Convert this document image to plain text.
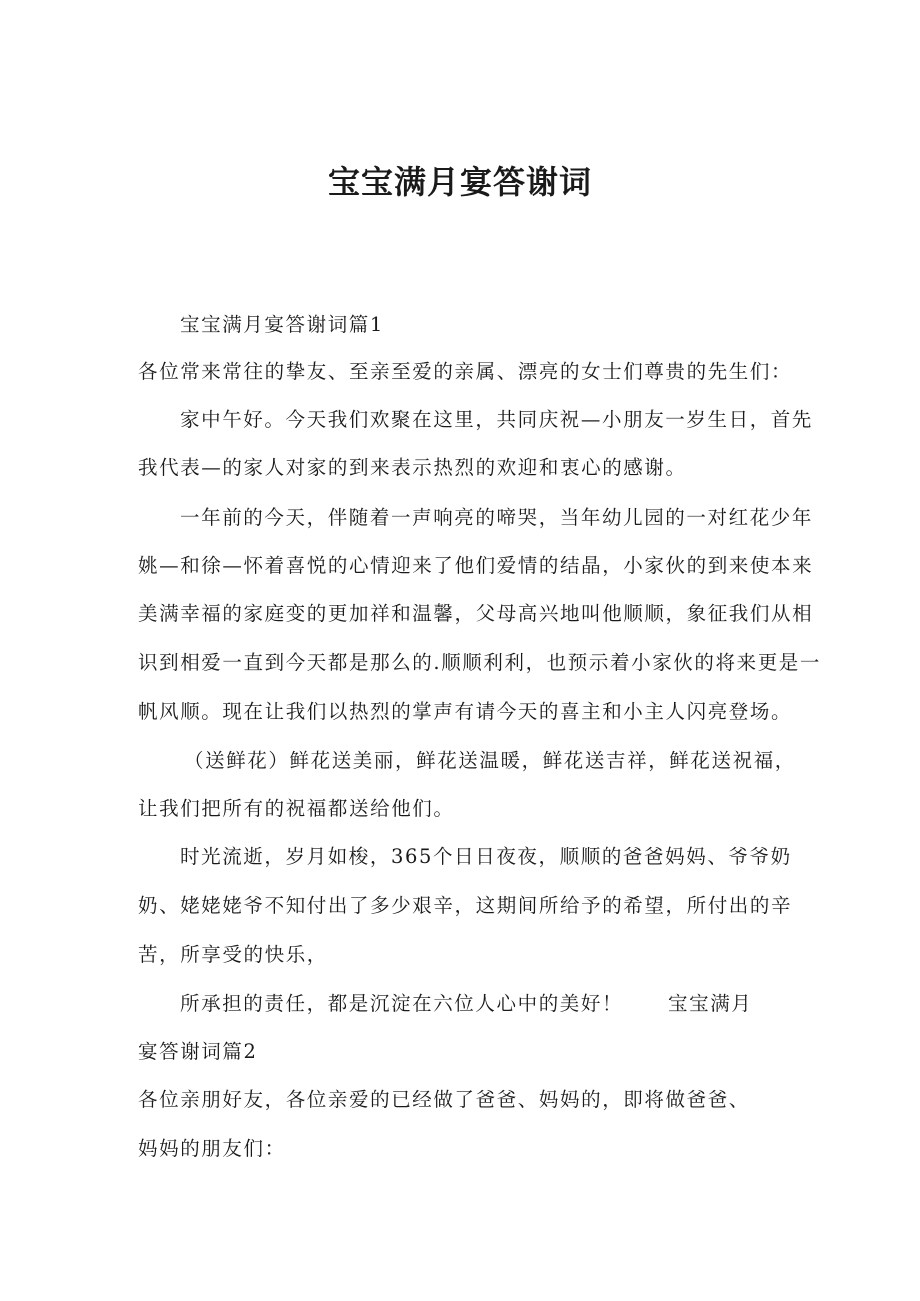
宝宝满月宴答谢词

宝宝满月宴答谢词篇1

各位常来常往的挚友、至亲至爱的亲属、漂亮的女士们尊贵的先生们：

家中午好。今天我们欢聚在这里，共同庆祝—小朋友一岁生日，首先

我代表—的家人对家的到来表示热烈的欢迎和衷心的感谢。

一年前的今天，伴随着一声响亮的啼哭，当年幼儿园的一对红花少年

姚—和徐—怀着喜悦的心情迎来了他们爱情的结晶，小家伙的到来使本来

美满幸福的家庭变的更加祥和温馨，父母高兴地叫他顺顺，象征我们从相

识到相爱一直到今天都是那么的.顺顺利利，也预示着小家伙的将来更是一

帆风顺。现在让我们以热烈的掌声有请今天的喜主和小主人闪亮登场。

（送鲜花）鲜花送美丽，鲜花送温暖，鲜花送吉祥，鲜花送祝福，

让我们把所有的祝福都送给他们。

时光流逝，岁月如梭，365个日日夜夜，顺顺的爸爸妈妈、爷爷奶

奶、姥姥姥爷不知付出了多少艰辛，这期间所给予的希望，所付出的辛

苦，所享受的快乐，

所承担的责任，都是沉淀在六位人心中的美好！ 宝宝满月

宴答谢词篇2

各位亲朋好友，各位亲爱的已经做了爸爸、妈妈的，即将做爸爸、

妈妈的朋友们：
